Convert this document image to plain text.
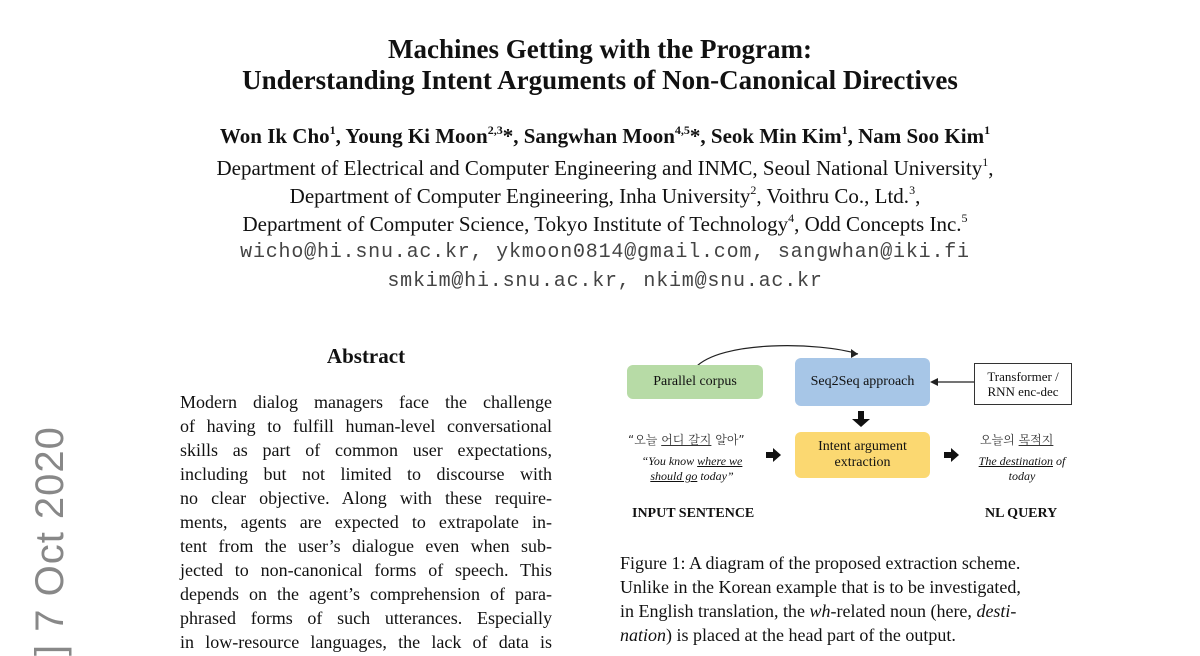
Machines Getting with the Program:
Understanding Intent Arguments of Non-Canonical Directives
Won Ik Cho$^1$, Young Ki Moon$^{2,3}$*, Sangwhan Moon$^{4,5}$*, Seok Min Kim$^1$, Nam Soo Kim$^1$
Department of Electrical and Computer Engineering and INMC, Seoul National University$^1$,
Department of Computer Engineering, Inha University$^2$, Voithru Co., Ltd.$^3$,
Department of Computer Science, Tokyo Institute of Technology$^4$, Odd Concepts Inc.$^5$
wicho@hi.snu.ac.kr, ykmoon0814@gmail.com, sangwhan@iki.fi
smkim@hi.snu.ac.kr, nkim@snu.ac.kr
] 7 Oct 2020
Abstract
Modern dialog managers face the challenge
of having to fulfill human-level conversational
skills as part of common user expectations,
including but not limited to discourse with
no clear objective. Along with these require-
ments, agents are expected to extrapolate in-
tent from the user’s dialogue even when sub-
jected to non-canonical forms of speech. This
depends on the agent’s comprehension of para-
phrased forms of such utterances. Especially
in low-resource languages, the lack of data is
Parallel corpus	Seq2Seq approach	Transformer /
RNN enc-dec
Intent argument
extraction
“오늘 어디 갈지 알아”
“You know where we
should go today”
오늘의 목적지
The destination of
today
INPUT SENTENCE	NL QUERY
Figure 1: A diagram of the proposed extraction scheme.
Unlike in the Korean example that is to be investigated,
in English translation, the wh-related noun (here, desti-
nation) is placed at the head part of the output.
